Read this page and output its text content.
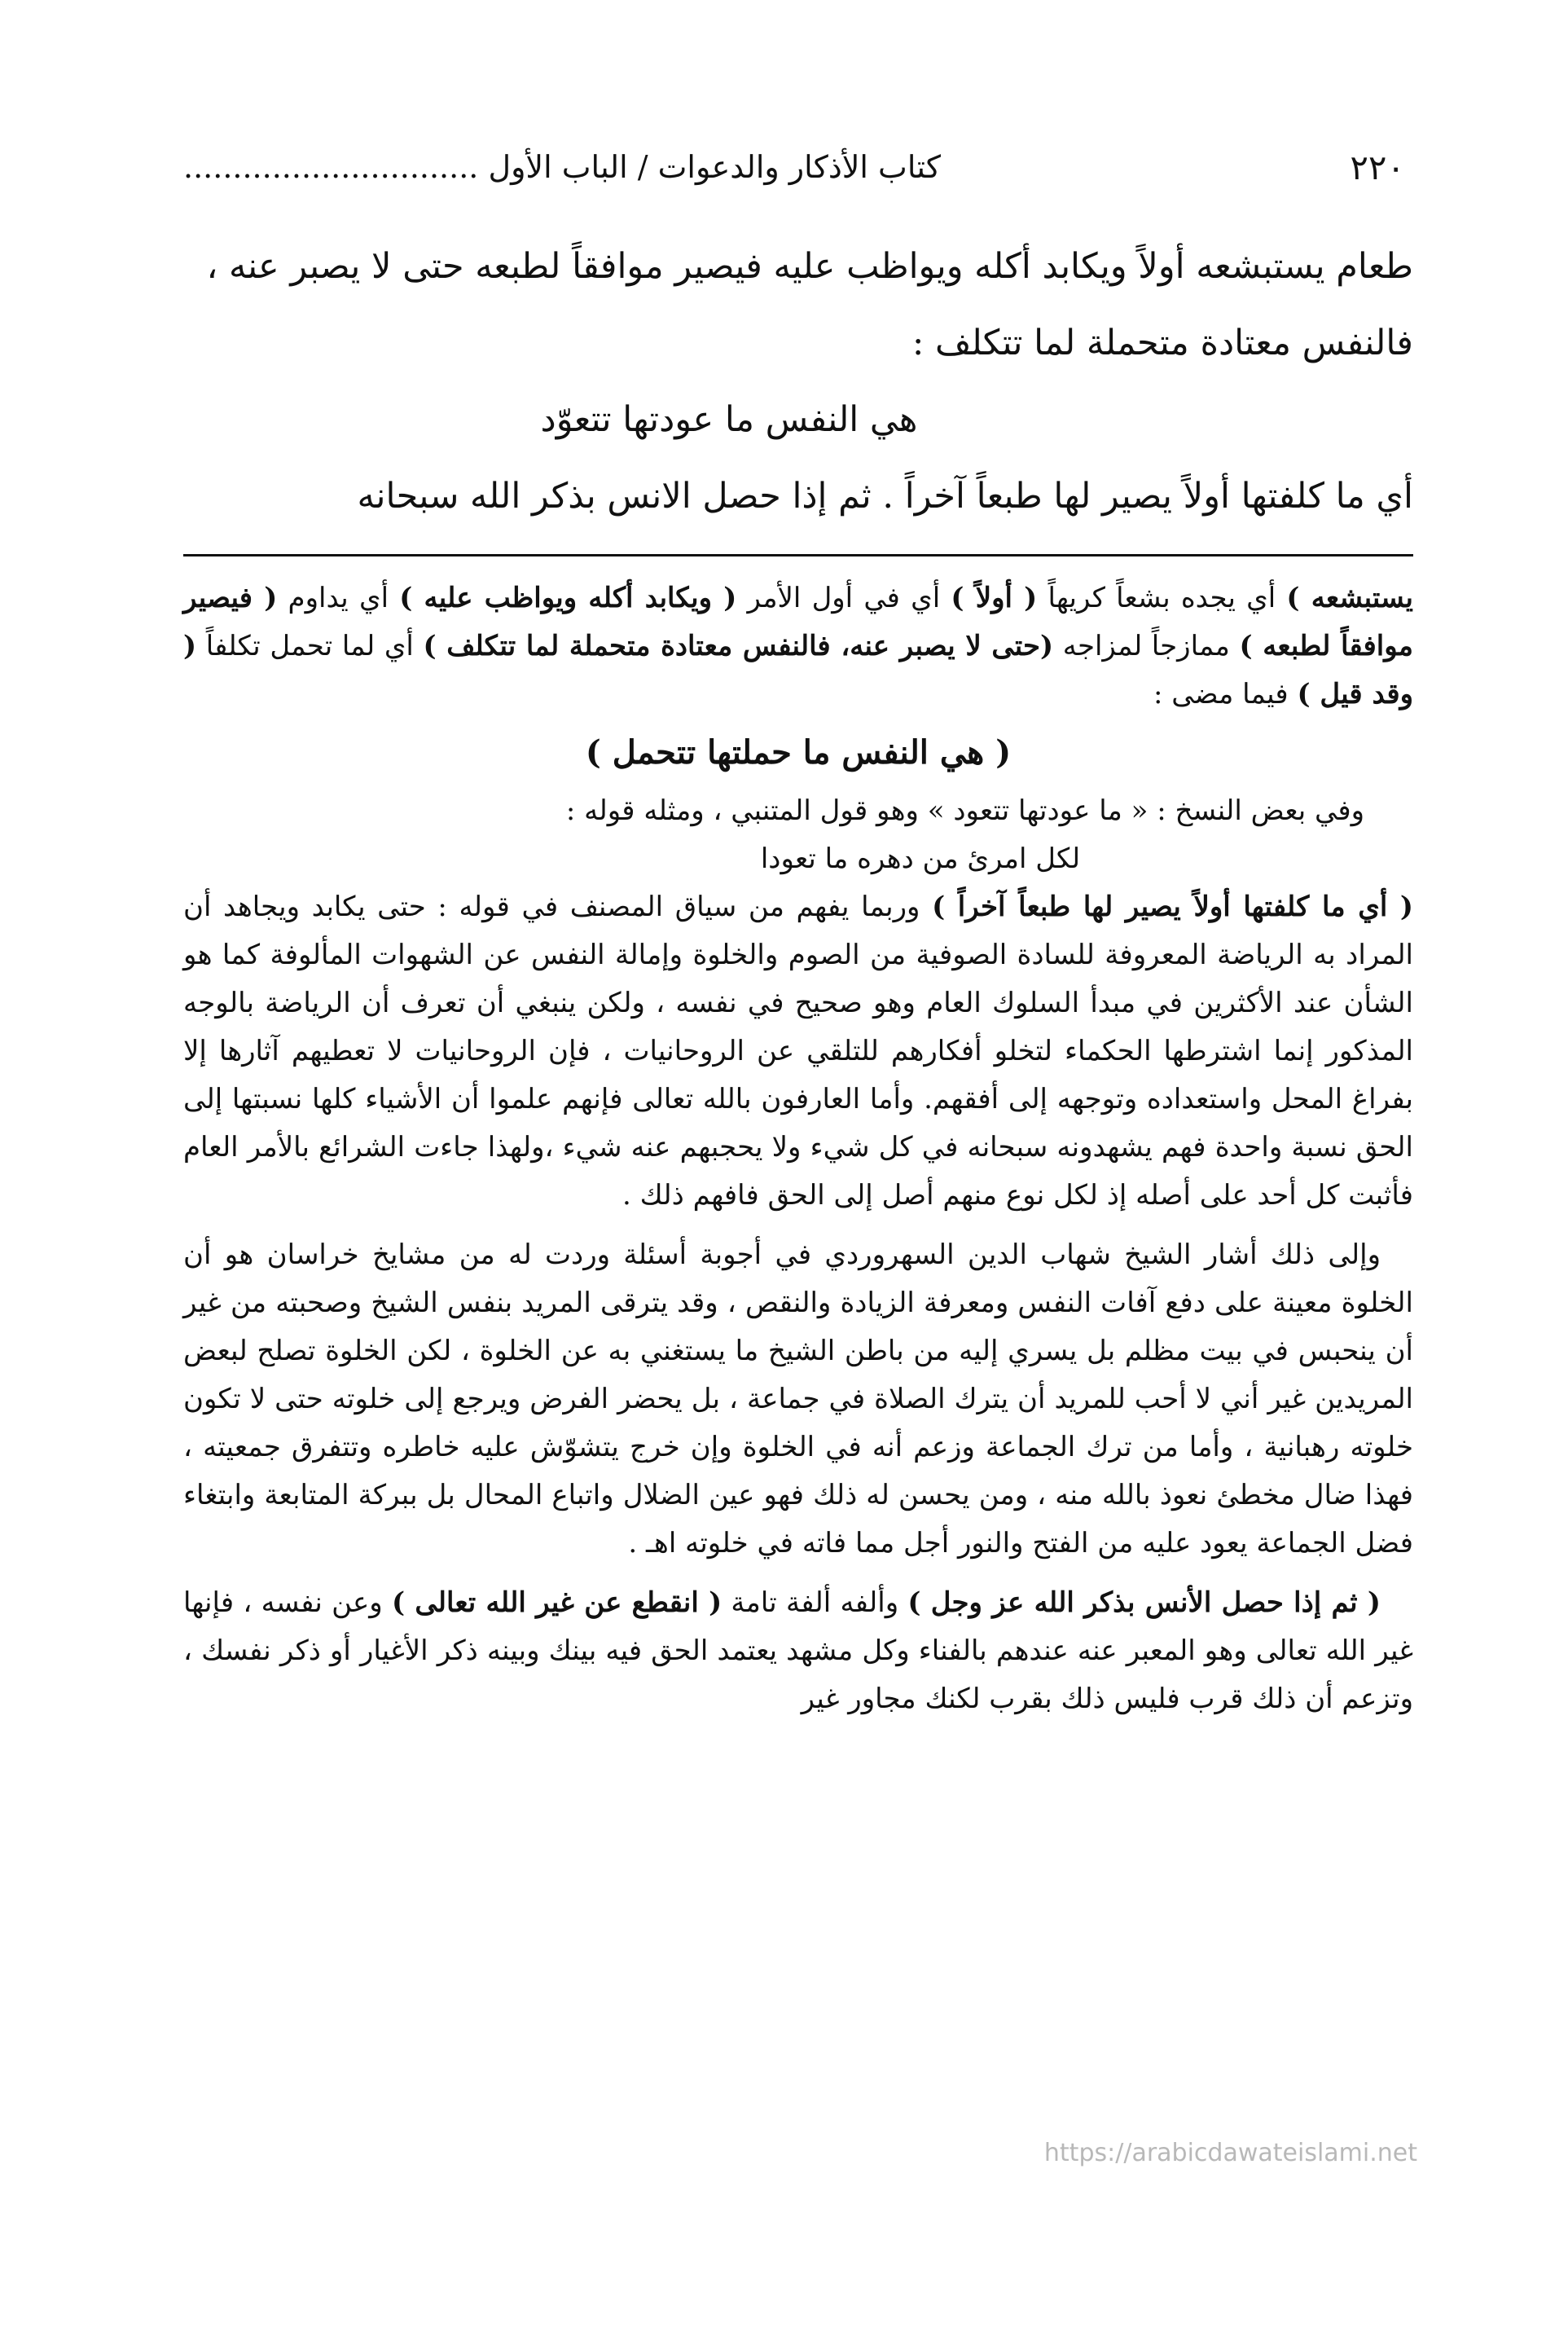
٢٢٠
كتاب الأذكار والدعوات / الباب الأول ..............................

طعام يستبشعه أولاً ويكابد أكله ويواظب عليه فيصير موافقاً لطبعه حتى لا يصبر عنه ،

فالنفس معتادة متحملة لما تتكلف :

هي النفس ما عودتها تتعوّد

أي ما كلفتها أولاً يصير لها طبعاً آخراً . ثم إذا حصل الانس بذكر الله سبحانه

يستبشعه ) أي يجده بشعاً كريهاً ( أولاً ) أي في أول الأمر ( ويكابد أكله ويواظب عليه ) أي يداوم ( فيصير موافقاً لطبعه ) ممازجاً لمزاجه (حتى لا يصبر عنه، فالنفس معتادة متحملة لما تتكلف ) أي لما تحمل تكلفاً ( وقد قيل ) فيما مضى :

( هي النفس ما حملتها تتحمل )

وفي بعض النسخ : « ما عودتها تتعود » وهو قول المتنبي ، ومثله قوله :

لكل امرئ من دهره ما تعودا

( أي ما كلفتها أولاً يصير لها طبعاً آخراً ) وربما يفهم من سياق المصنف في قوله : حتى يكابد ويجاهد أن المراد به الرياضة المعروفة للسادة الصوفية من الصوم والخلوة وإمالة النفس عن الشهوات المألوفة كما هو الشأن عند الأكثرين في مبدأ السلوك العام وهو صحيح في نفسه ، ولكن ينبغي أن تعرف أن الرياضة بالوجه المذكور إنما اشترطها الحكماء لتخلو أفكارهم للتلقي عن الروحانيات ، فإن الروحانيات لا تعطيهم آثارها إلا بفراغ المحل واستعداده وتوجهه إلى أفقهم. وأما العارفون بالله تعالى فإنهم علموا أن الأشياء كلها نسبتها إلى الحق نسبة واحدة فهم يشهدونه سبحانه في كل شيء ولا يحجبهم عنه شيء ،ولهذا جاءت الشرائع بالأمر العام فأثبت كل أحد على أصله إذ لكل نوع منهم أصل إلى الحق فافهم ذلك .

وإلى ذلك أشار الشيخ شهاب الدين السهروردي في أجوبة أسئلة وردت له من مشايخ خراسان هو أن الخلوة معينة على دفع آفات النفس ومعرفة الزيادة والنقص ، وقد يترقى المريد بنفس الشيخ وصحبته من غير أن ينحبس في بيت مظلم بل يسري إليه من باطن الشيخ ما يستغني به عن الخلوة ، لكن الخلوة تصلح لبعض المريدين غير أني لا أحب للمريد أن يترك الصلاة في جماعة ، بل يحضر الفرض ويرجع إلى خلوته حتى لا تكون خلوته رهبانية ، وأما من ترك الجماعة وزعم أنه في الخلوة وإن خرج يتشوّش عليه خاطره وتتفرق جمعيته ، فهذا ضال مخطئ نعوذ بالله منه ، ومن يحسن له ذلك فهو عين الضلال واتباع المحال بل ببركة المتابعة وابتغاء فضل الجماعة يعود عليه من الفتح والنور أجل مما فاته في خلوته اهـ .

( ثم إذا حصل الأنس بذكر الله عز وجل ) وألفه ألفة تامة ( انقطع عن غير الله تعالى ) وعن نفسه ، فإنها غير الله تعالى وهو المعبر عنه عندهم بالفناء وكل مشهد يعتمد الحق فيه بينك وبينه ذكر الأغيار أو ذكر نفسك ، وتزعم أن ذلك قرب فليس ذلك بقرب لكنك مجاور غير

https://arabicdawateislami.net
